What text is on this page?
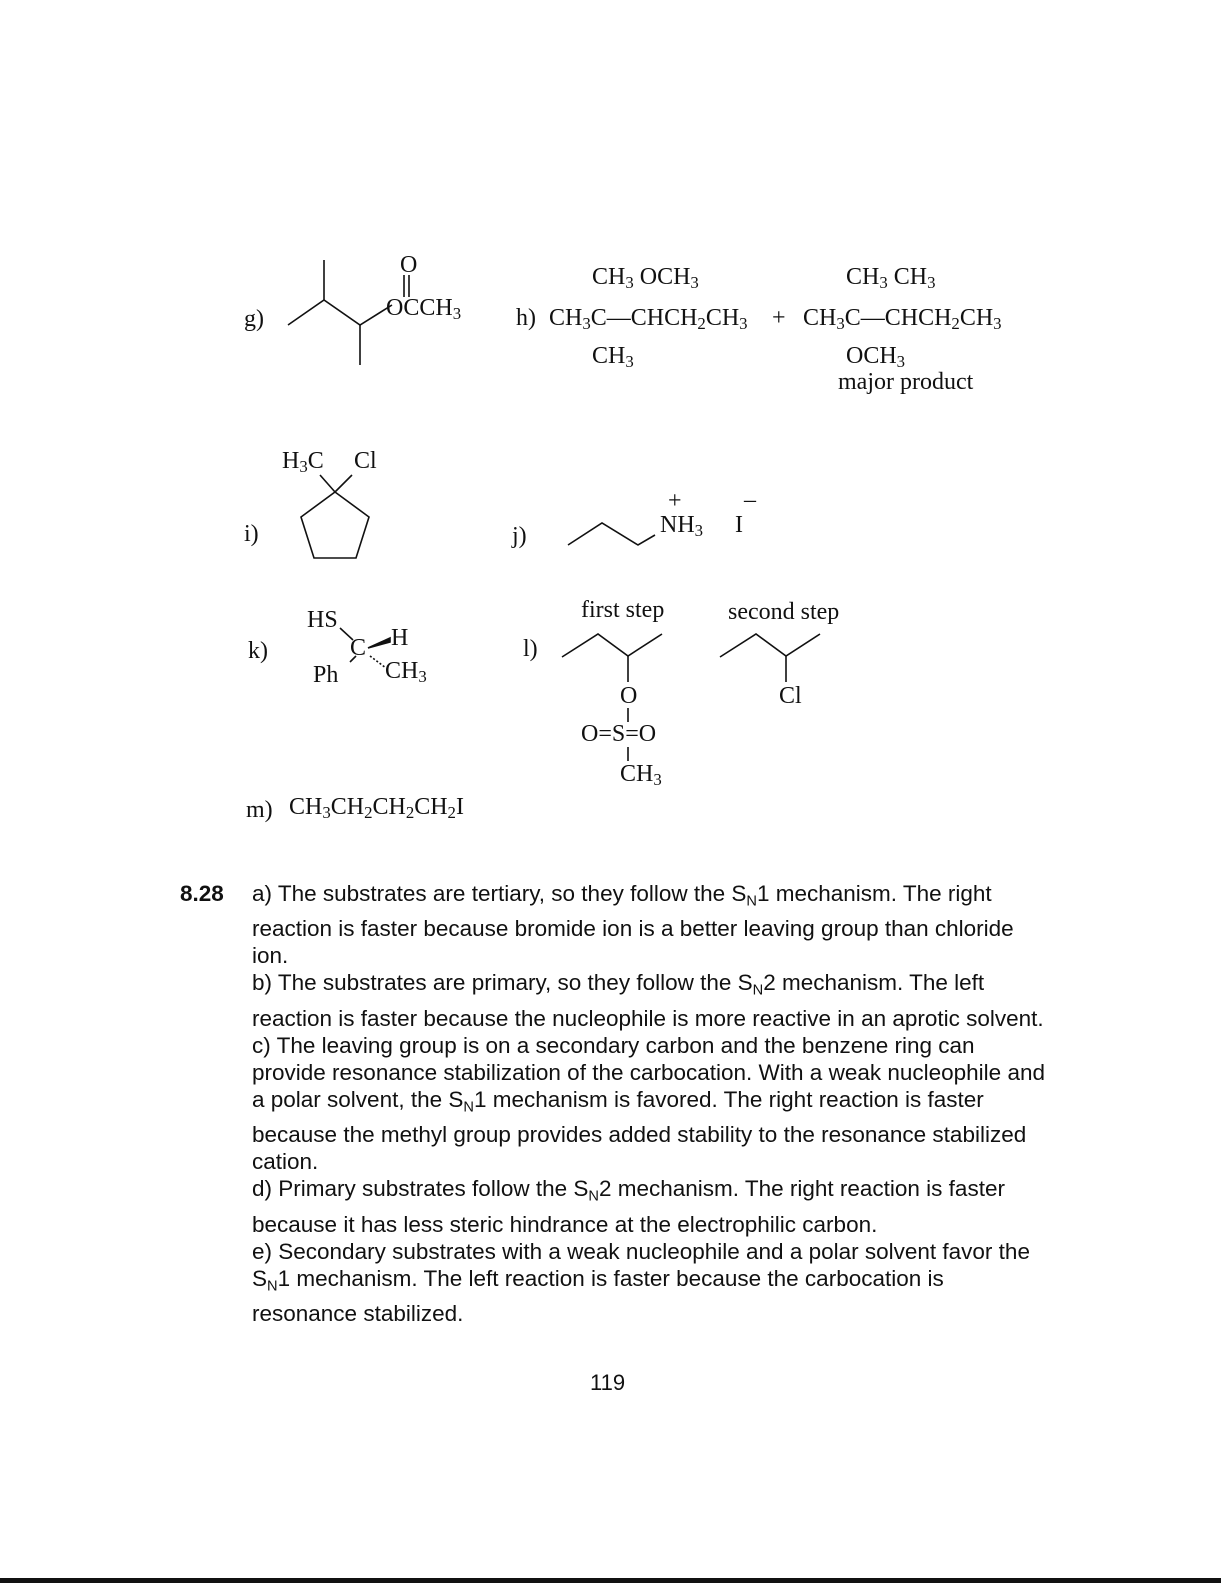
g)
O
$OCCH_3$ h)
$CH_3$ $OCH_3$
$CH_3C—CHCH_2CH_3$
$CH_3$
+
$CH_3$ $CH_3$
$CH_3C—CHCH_2CH_3$
$OCH_3$
major product
i)
$H_3C$ Cl
j)
+
$NH_3$ I
–
k)
HS
C H
Ph $CH_3$
l)
first step	second step
O
O=S=O
$CH_3$
Cl
m) $CH_3CH_2CH_2CH_2I$
8.28 a) The substrates are tertiary, so they follow the $S_N1$ mechanism. The right reaction is faster because bromide ion is a better leaving group than chloride ion.

b) The substrates are primary, so they follow the $S_N2$ mechanism. The left reaction is faster because the nucleophile is more reactive in an aprotic solvent.

c) The leaving group is on a secondary carbon and the benzene ring can provide resonance stabilization of the carbocation. With a weak nucleophile and a polar solvent, the $S_N1$ mechanism is favored. The right reaction is faster because the methyl group provides added stability to the resonance stabilized cation.

d) Primary substrates follow the $S_N2$ mechanism. The right reaction is faster because it has less steric hindrance at the electrophilic carbon.

e) Secondary substrates with a weak nucleophile and a polar solvent favor the $S_N1$ mechanism. The left reaction is faster because the carbocation is resonance stabilized.

119
